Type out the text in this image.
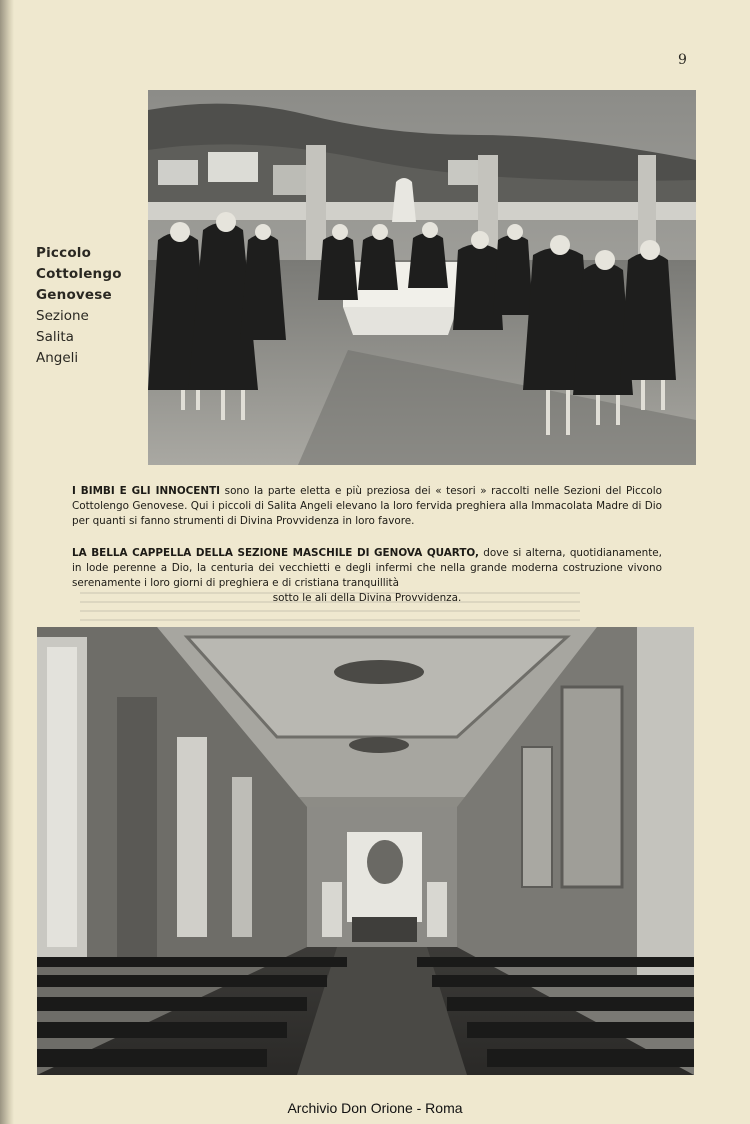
9
Piccolo
Cottolengo
Genovese
Sezione
Salita
Angeli
I BIMBI E GLI INNOCENTI sono la parte eletta e più preziosa dei « tesori » raccolti nelle Sezioni del Piccolo Cottolengo Genovese. Qui i piccoli di Salita Angeli elevano la loro fervida preghiera alla Immacolata Madre di Dio per quanti si fanno strumenti di Divina Provvidenza in loro favore.
LA BELLA CAPPELLA DELLA SEZIONE MASCHILE DI GENOVA QUARTO, dove si alterna, quotidianamente, in lode perenne a Dio, la centuria dei vecchietti e degli infermi che nella grande moderna costruzione vivono serenamente i loro giorni di preghiera e di cristiana tranquillità
sotto le ali della Divina Provvidenza.
Archivio Don Orione - Roma
